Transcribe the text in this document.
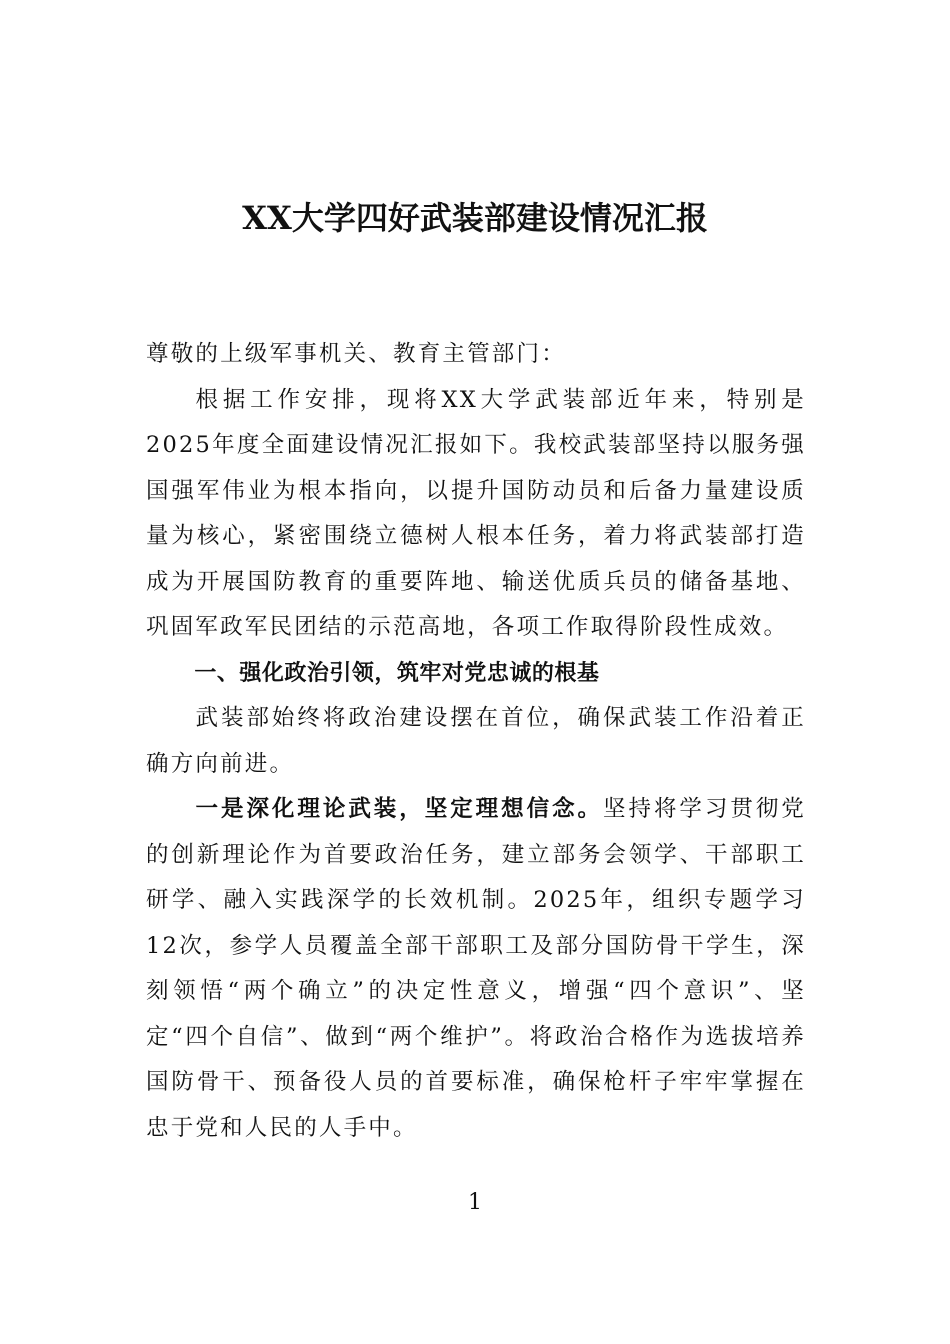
XX大学四好武装部建设情况汇报

尊敬的上级军事机关、教育主管部门：

根据工作安排，现将XX大学武装部近年来，特别是2025年度全面建设情况汇报如下。我校武装部坚持以服务强国强军伟业为根本指向，以提升国防动员和后备力量建设质量为核心，紧密围绕立德树人根本任务，着力将武装部打造成为开展国防教育的重要阵地、输送优质兵员的储备基地、巩固军政军民团结的示范高地，各项工作取得阶段性成效。

一、强化政治引领，筑牢对党忠诚的根基

武装部始终将政治建设摆在首位，确保武装工作沿着正确方向前进。

一是深化理论武装，坚定理想信念。坚持将学习贯彻党的创新理论作为首要政治任务，建立部务会领学、干部职工研学、融入实践深学的长效机制。2025年，组织专题学习12次，参学人员覆盖全部干部职工及部分国防骨干学生，深刻领悟“两个确立”的决定性意义，增强“四个意识”、坚定“四个自信”、做到“两个维护”。将政治合格作为选拔培养国防骨干、预备役人员的首要标准，确保枪杆子牢牢掌握在忠于党和人民的人手中。

1
